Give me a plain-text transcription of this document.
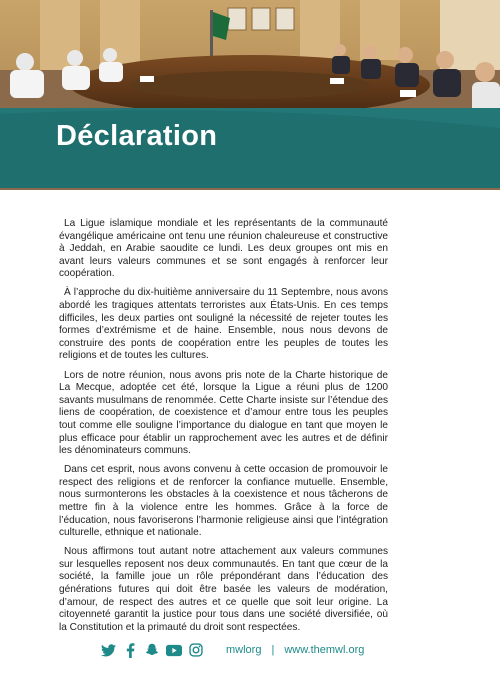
Déclaration

La Ligue islamique mondiale et les représentants de la communauté évangélique américaine ont tenu une réunion chaleureuse et constructive à Jeddah, en Arabie saoudite ce lundi. Les deux groupes ont mis en avant leurs valeurs communes et se sont engagés à renforcer leur coopération.

À l’approche du dix-huitième anniversaire du 11 Septembre, nous avons abordé les tragiques attentats terroristes aux États-Unis. En ces temps difficiles, les deux parties ont souligné la nécessité de rejeter toutes les formes d’extrémisme et de haine. Ensemble, nous nous devons de construire des ponts de coopération entre les peuples de toutes les religions et de toutes les cultures.

Lors de notre réunion, nous avons pris note de la Charte historique de La Mecque, adoptée cet été, lorsque la Ligue a réuni plus de 1200 savants musulmans de renommée. Cette Charte insiste sur l’étendue des liens de coopération, de coexistence et d’amour entre tous les peuples tout comme elle souligne l’importance du dialogue en tant que moyen le plus efficace pour établir un rapprochement avec les autres et de définir les dénominateurs communs.

Dans cet esprit, nous avons convenu à cette occasion de promouvoir le respect des religions et de renforcer la confiance mutuelle. Ensemble, nous surmonterons les obstacles à la coexistence et nous tâcherons de mettre fin à la violence entre les hommes. Grâce à la force de l’éducation, nous favoriserons l’harmonie religieuse ainsi que l’intégration culturelle, ethnique et nationale.

Nous affirmons tout autant notre attachement aux valeurs communes sur lesquelles reposent nos deux communautés. En tant que cœur de la société, la famille joue un rôle prépondérant dans l’éducation des générations futures qui doit être basée les valeurs de modération, d’amour, de respect des autres et ce quelle que soit leur origine. La citoyenneté garantit la justice pour tous dans une société diversifiée, où la Constitution et la primauté du droit sont respectées.

mwlorg | www.themwl.org
